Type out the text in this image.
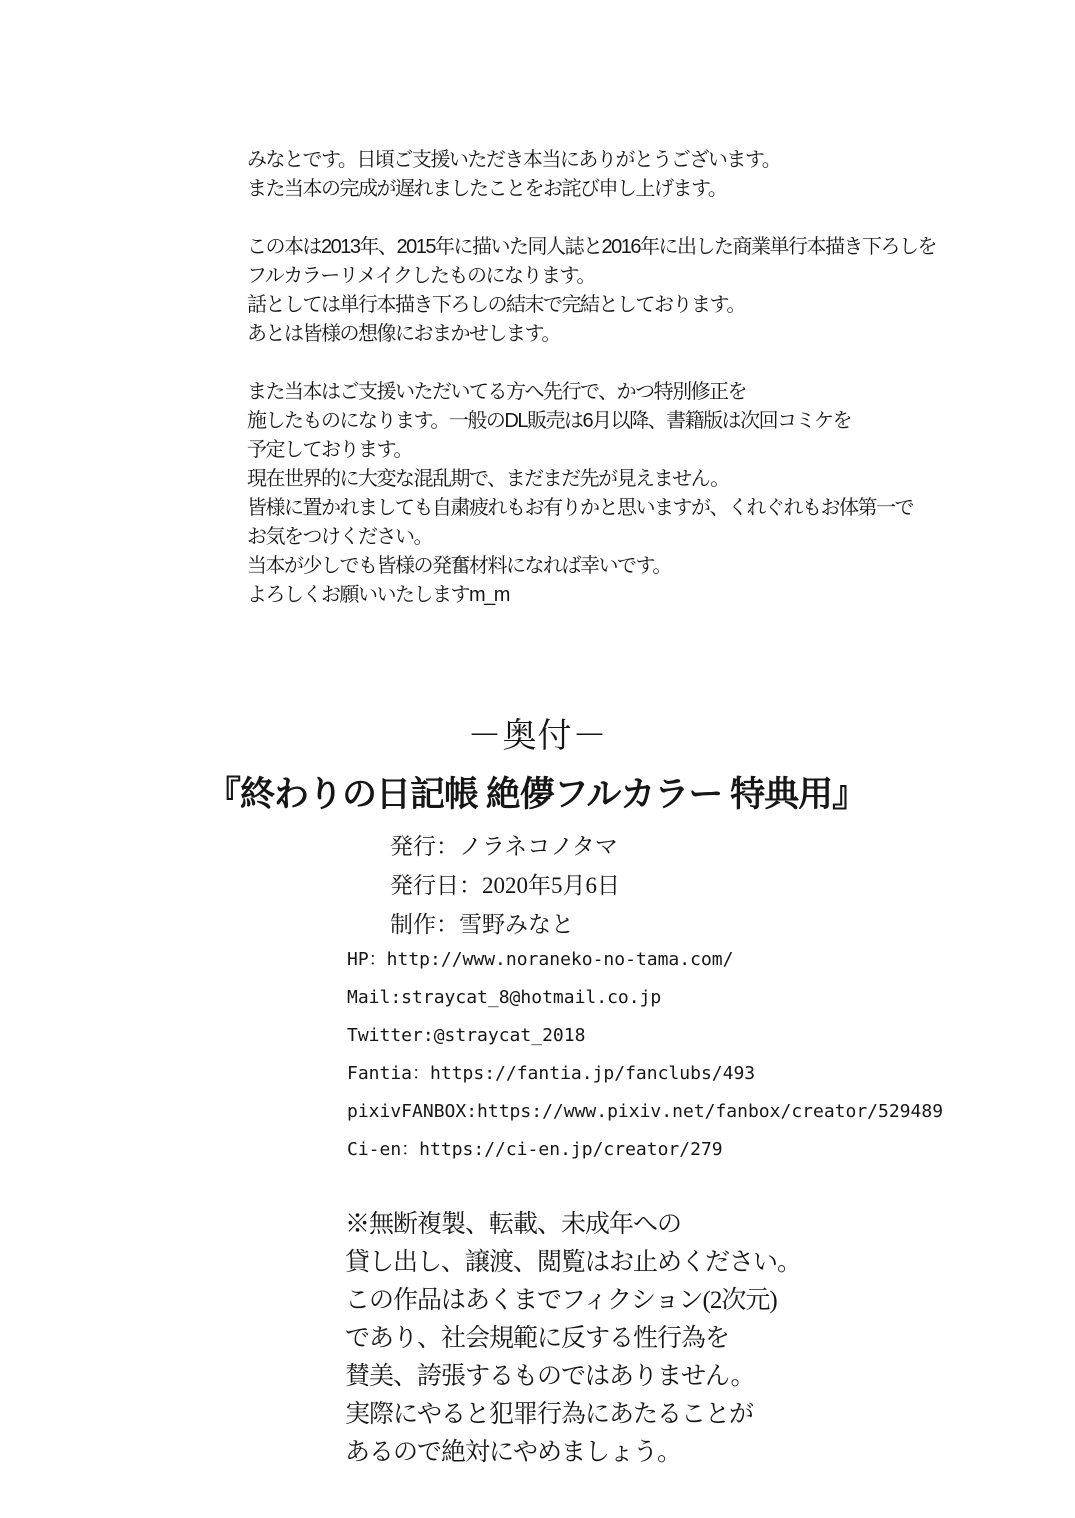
みなとです。日頃ご支援いただき本当にありがとうございます。
また当本の完成が遅れましたことをお詫び申し上げます。
この本は2013年、2015年に描いた同人誌と2016年に出した商業単行本描き下ろしを
フルカラーリメイクしたものになります。
話としては単行本描き下ろしの結末で完結としております。
あとは皆様の想像におまかせします。
また当本はご支援いただいてる方へ先行で、かつ特別修正を
施したものになります。一般のDL販売は6月以降、書籍版は次回コミケを
予定しております。
現在世界的に大変な混乱期で、まだまだ先が見えません。
皆様に置かれましても自粛疲れもお有りかと思いますが、くれぐれもお体第一で
お気をつけください。
当本が少しでも皆様の発奮材料になれば幸いです。
よろしくお願いいたしますm_m
－奥付－
『終わりの日記帳 絶儚フルカラー 特典用』
発行：ノラネコノタマ
発行日：2020年5月6日
制作：雪野みなと
HP：http://www.noraneko-no-tama.com/
Mail:straycat_8@hotmail.co.jp
Twitter:@straycat_2018
Fantia：https://fantia.jp/fanclubs/493
pixivFANBOX:https://www.pixiv.net/fanbox/creator/529489
Ci-en：https://ci-en.jp/creator/279
※無断複製、転載、未成年への
貸し出し、譲渡、閲覧はお止めください。
この作品はあくまでフィクション(2次元)
であり、社会規範に反する性行為を
賛美、誇張するものではありません。
実際にやると犯罪行為にあたることが
あるので絶対にやめましょう。
